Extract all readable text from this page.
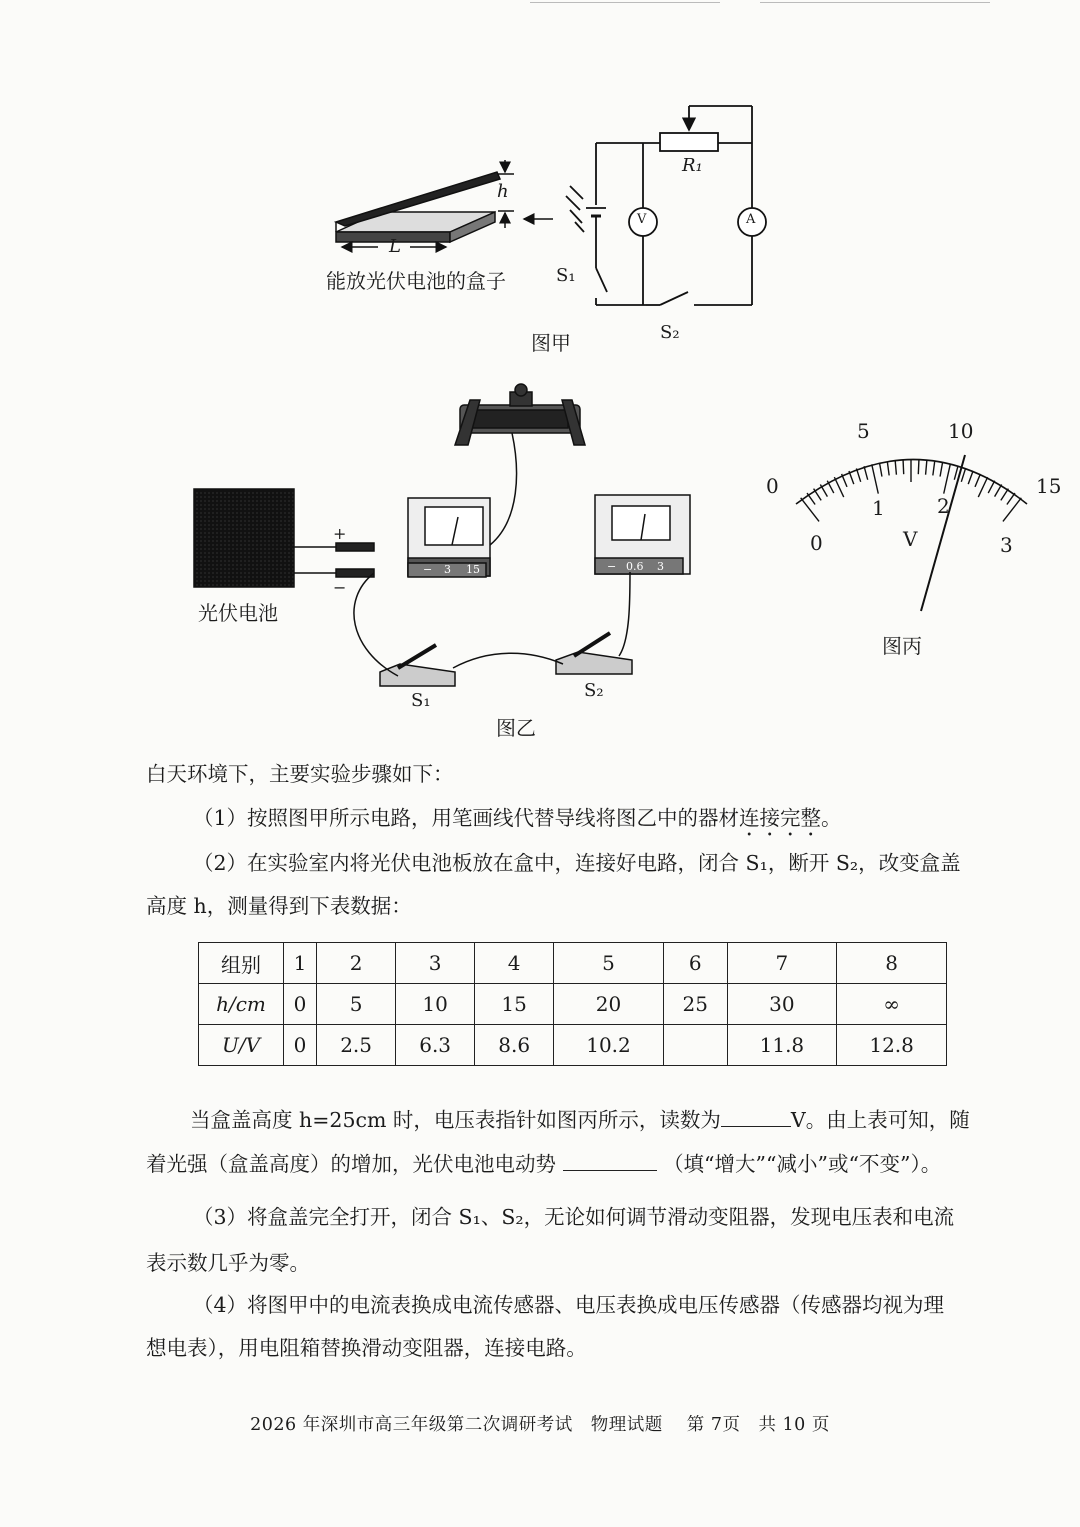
h
L
能放光伏电池的盒子
R₁
V	A
S₁
S₂
图甲
光伏电池
+
−
− 3 15	− 0.6 3
S₁	S₂
图乙
0
5	10
15
0
1	2
3
V
图丙
白天环境下，主要实验步骤如下：
（1）按照图甲所示电路，用笔画线代替导线将图乙中的器材连接完整。
（2）在实验室内将光伏电池板放在盒中，连接好电路，闭合 S₁，断开 S₂，改变盒盖
高度 h，测量得到下表数据：
组别	1	2	3	4	5	6	7	8
h/cm	0	5	10	15	20	25	30	∞
U/V	0	2.5	6.3	8.6	10.2		11.8	12.8
当盒盖高度 h=25cm 时，电压表指针如图丙所示，读数为	V。由上表可知，随
着光强（盒盖高度）的增加，光伏电池电动势	（填“增大”“减小”或“不变”）。
（3）将盒盖完全打开，闭合 S₁、S₂，无论如何调节滑动变阻器，发现电压表和电流
表示数几乎为零。
（4）将图甲中的电流表换成电流传感器、电压表换成电压传感器（传感器均视为理
想电表），用电阻箱替换滑动变阻器，连接电路。
2026 年深圳市高三年级第二次调研考试　物理试题　 第 7页　共 10 页
